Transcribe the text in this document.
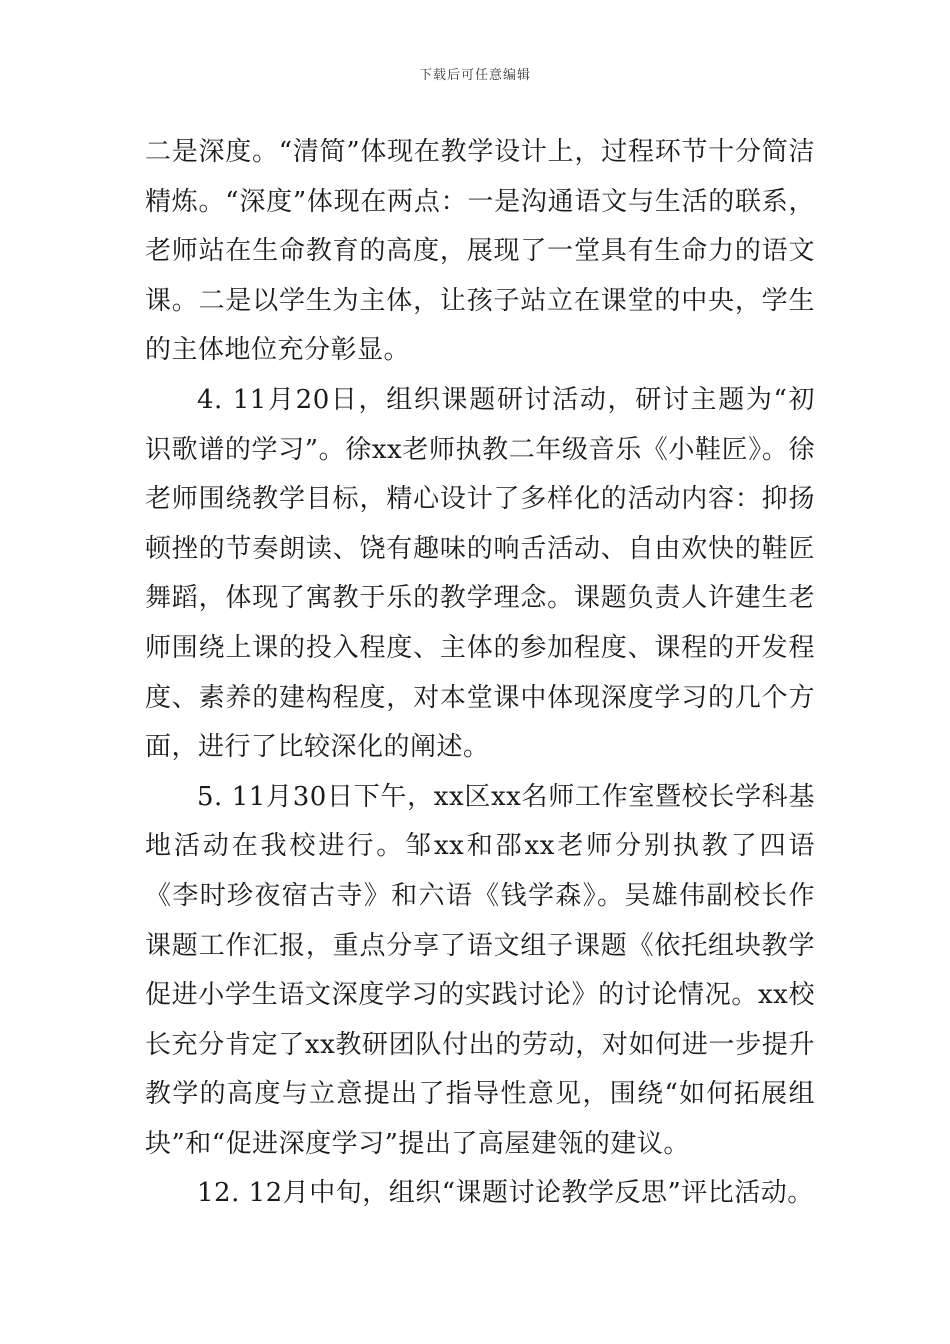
下载后可任意编辑

二是深度。“清简”体现在教学设计上，过程环节十分简洁精炼。“深度”体现在两点：一是沟通语文与生活的联系，老师站在生命教育的高度，展现了一堂具有生命力的语文课。二是以学生为主体，让孩子站立在课堂的中央，学生的主体地位充分彰显。

4. 11月20日，组织课题研讨活动，研讨主题为“初识歌谱的学习”。徐xx老师执教二年级音乐《小鞋匠》。徐老师围绕教学目标，精心设计了多样化的活动内容：抑扬顿挫的节奏朗读、饶有趣味的响舌活动、自由欢快的鞋匠舞蹈，体现了寓教于乐的教学理念。课题负责人许建生老师围绕上课的投入程度、主体的参加程度、课程的开发程度、素养的建构程度，对本堂课中体现深度学习的几个方面，进行了比较深化的阐述。

5. 11月30日下午，xx区xx名师工作室暨校长学科基地活动在我校进行。邹xx和邵xx老师分别执教了四语《李时珍夜宿古寺》和六语《钱学森》。吴雄伟副校长作课题工作汇报，重点分享了语文组子课题《依托组块教学促进小学生语文深度学习的实践讨论》的讨论情况。xx校长充分肯定了xx教研团队付出的劳动，对如何进一步提升教学的高度与立意提出了指导性意见，围绕“如何拓展组块”和“促进深度学习”提出了高屋建瓴的建议。

12. 12月中旬，组织“课题讨论教学反思”评比活动。
